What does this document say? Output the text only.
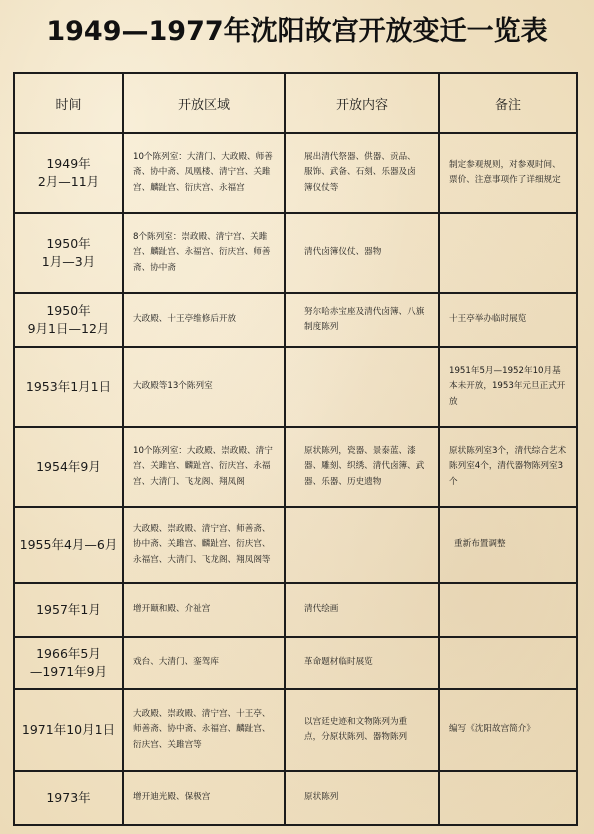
1949—1977年沈阳故宫开放变迁一览表
时间	开放区域	开放内容	备注
1949年
2月—11月	10个陈列室：大清门、大政殿、师善斋、协中斋、凤凰楼、清宁宫、关雎宫、麟趾宫、衍庆宫、永福宫	展出清代祭器、供器、贡品、服饰、武备、石刻、乐器及卤簿仪仗等	制定参观规则，对参观时间、票价、注意事项作了详细规定
1950年
1月—3月	8个陈列室：崇政殿、清宁宫、关雎宫、麟趾宫、永福宫、衍庆宫、师善斋、协中斋	清代卤簿仪仗、器物	
1950年
9月1日—12月	大政殿、十王亭维修后开放	努尔哈赤宝座及清代卤簿、八旗制度陈列	十王亭举办临时展览
1953年1月1日	大政殿等13个陈列室		1951年5月—1952年10月基本未开放，1953年元旦正式开放
1954年9月	10个陈列室：大政殿、崇政殿、清宁宫、关雎宫、麟趾宫、衍庆宫、永福宫、大清门、飞龙阁、翔凤阁	原状陈列，瓷器、景泰蓝、漆器、雕刻、织绣、清代卤簿、武器、乐器、历史遗物	原状陈列室3个，清代综合艺术陈列室4个，清代器物陈列室3个
1955年4月—6月	大政殿、崇政殿、清宁宫、师善斋、协中斋、关雎宫、麟趾宫、衍庆宫、永福宫、大清门、飞龙阁、翔凤阁等		重新布置调整
1957年1月	增开颐和殿、介祉宫	清代绘画	
1966年5月
—1971年9月	戏台、大清门、銮驾库	革命题材临时展览	
1971年10月1日	大政殿、崇政殿、清宁宫、十王亭、师善斋、协中斋、永福宫、麟趾宫、衍庆宫、关雎宫等	以宫廷史迹和文物陈列为重点，分原状陈列、器物陈列	编写《沈阳故宫简介》
1973年	增开迪光殿、保极宫	原状陈列	
